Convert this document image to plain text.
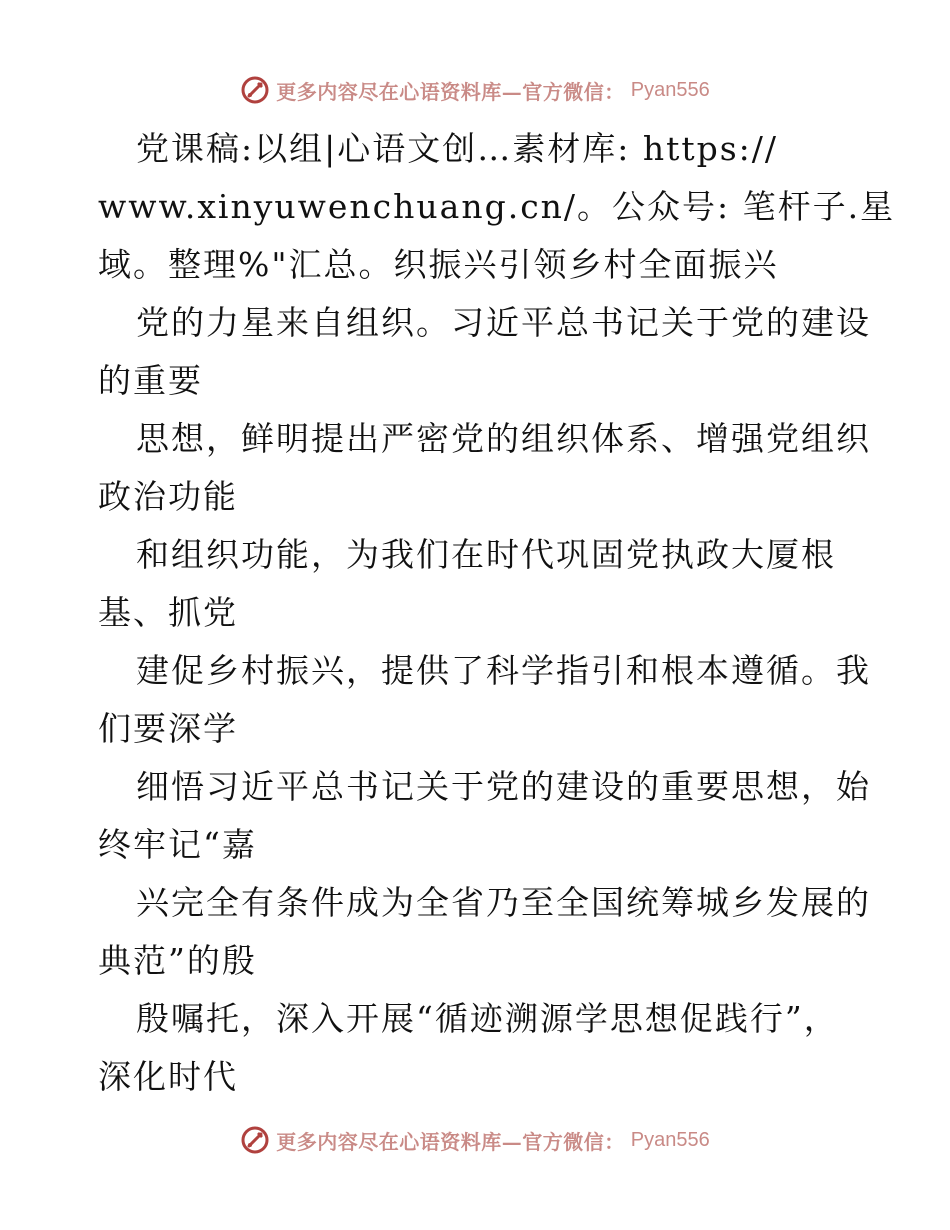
更多内容尽在心语资料库—官方微信： Pyan556

党课稿:以组|心语文创…素材库: https://

www.xinyuwenchuang.cn/。公众号: 笔杆子.星

域。整理%"汇总。织振兴引领乡村全面振兴

党的力星来自组织。习近平总书记关于党的建设

的重要

思想，鲜明提出严密党的组织体系、增强党组织

政治功能

和组织功能，为我们在时代巩固党执政大厦根

基、抓党

建促乡村振兴，提供了科学指引和根本遵循。我

们要深学

细悟习近平总书记关于党的建设的重要思想，始

终牢记“嘉

兴完全有条件成为全省乃至全国统筹城乡发展的

典范”的殷

殷嘱托，深入开展“循迹溯源学思想促践行”，

深化时代

更多内容尽在心语资料库—官方微信： Pyan556
